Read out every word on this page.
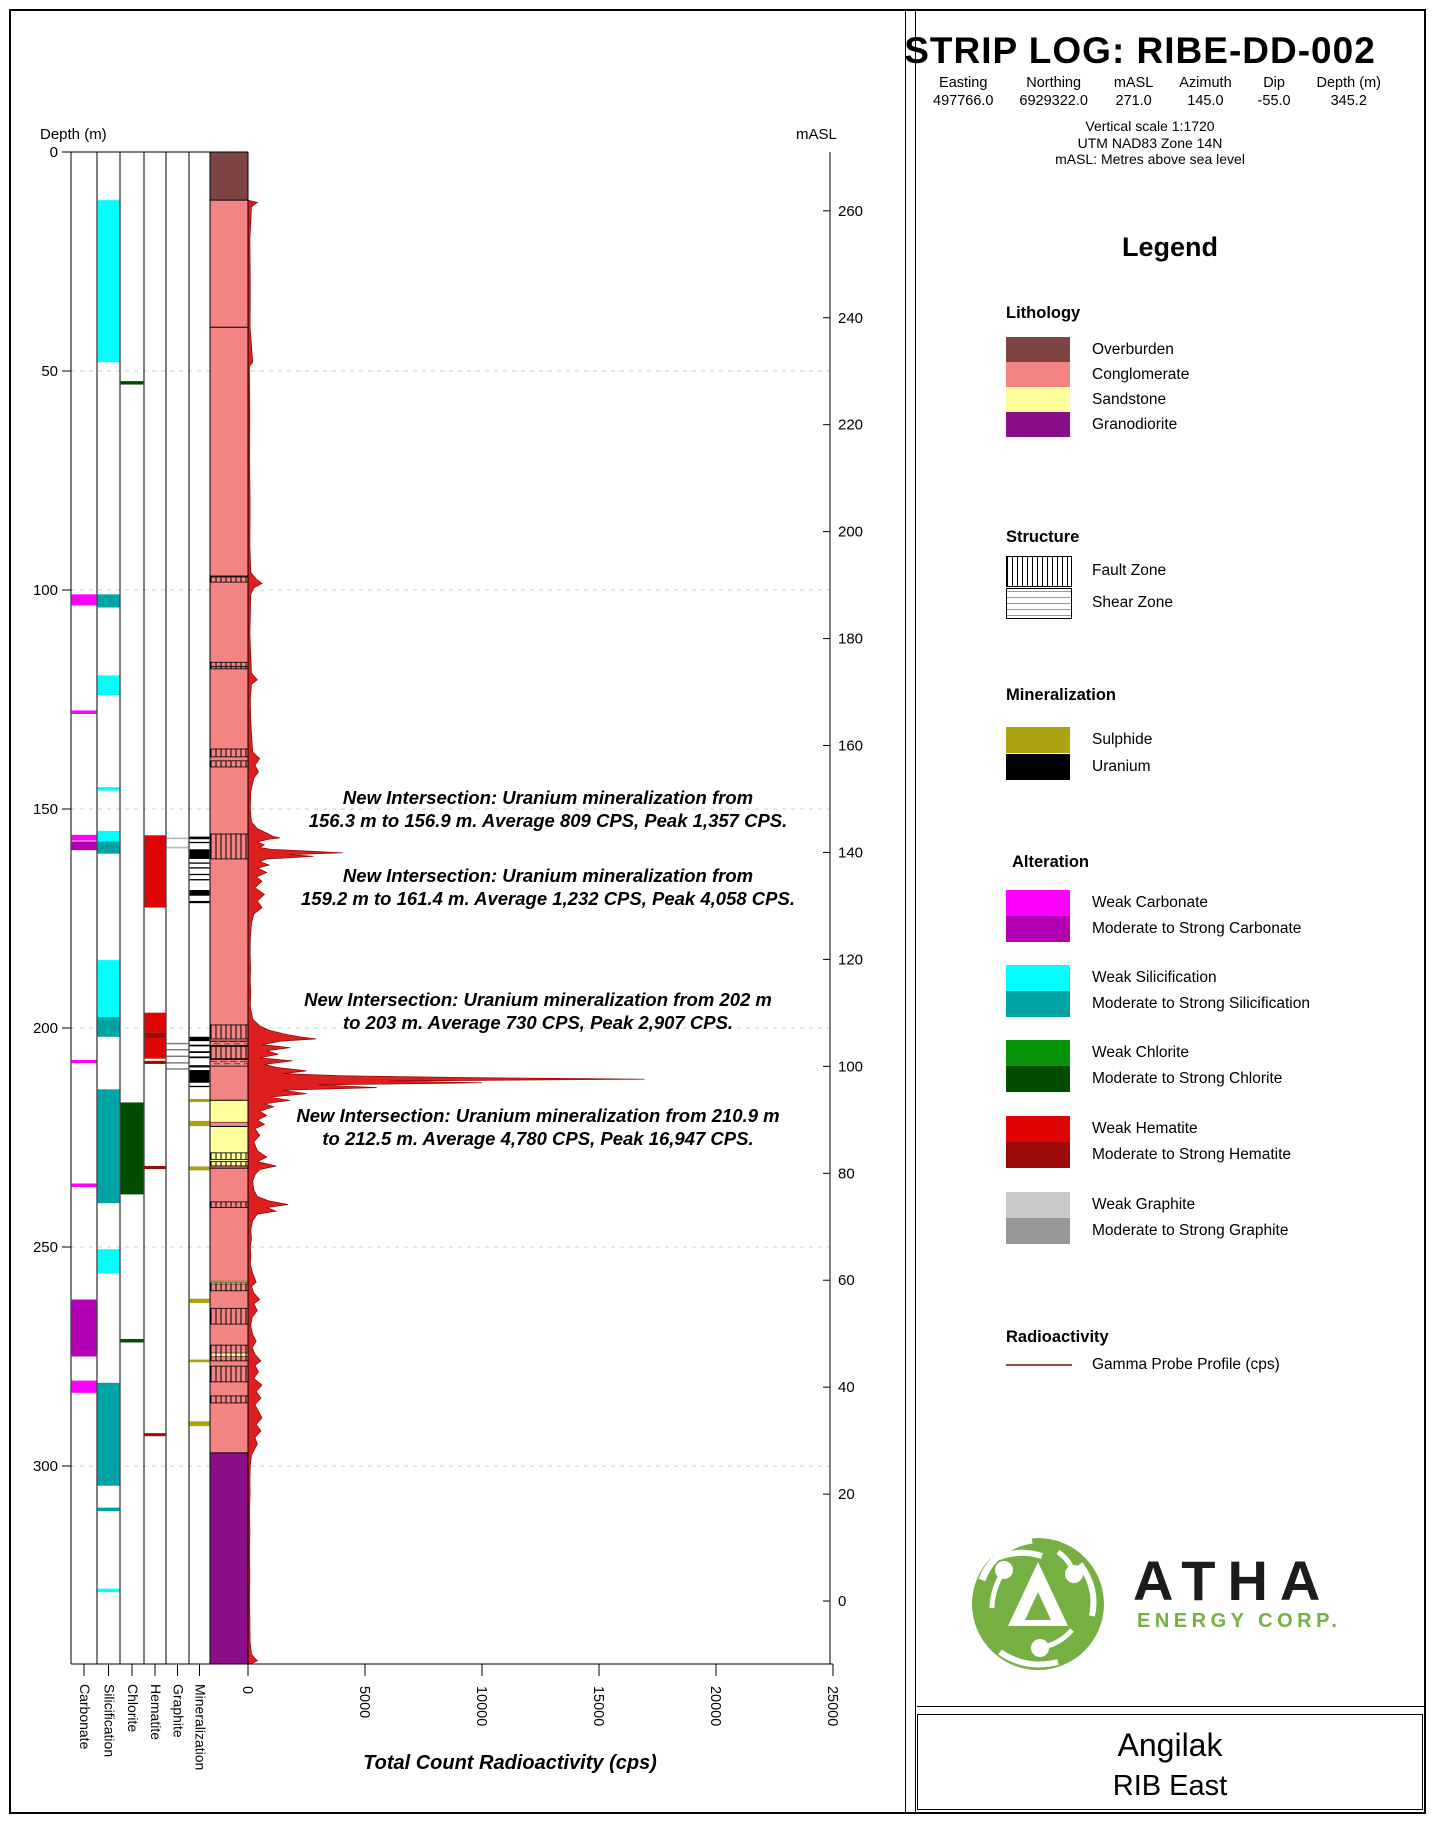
Depth (m)	mASL
0
50
100
150
200
250
300
260
240
220
200
180
160
140
120
100
80
60
40
20
0
0	5000	10000	15000	20000	25000
Carbonate Silicification Chlorite Hematite Graphite Mineralization
New Intersection: Uranium mineralization from
156.3 m to 156.9 m. Average 809 CPS, Peak 1,357 CPS.
New Intersection: Uranium mineralization from
159.2 m to 161.4 m. Average 1,232 CPS, Peak 4,058 CPS.
New Intersection: Uranium mineralization from 202 m
to 203 m. Average 730 CPS, Peak 2,907 CPS.
New Intersection: Uranium mineralization from 210.9 m
to 212.5 m. Average 4,780 CPS, Peak 16,947 CPS.
Total Count Radioactivity (cps)
STRIP LOG: RIBE-DD-002
Easting
497766.0
Northing
6929322.0
mASL
271.0
Azimuth
145.0
Dip
-55.0
Depth (m)
345.2
Vertical scale 1:1720
UTM NAD83 Zone 14N
mASL: Metres above sea level
Legend
Lithology
Overburden
Conglomerate
Sandstone
Granodiorite
Structure
Fault Zone
Shear Zone
Mineralization
Sulphide
Uranium
Alteration
Weak Carbonate
Moderate to Strong Carbonate
Weak Silicification
Moderate to Strong Silicification
Weak Chlorite
Moderate to Strong Chlorite
Weak Hematite
Moderate to Strong Hematite
Weak Graphite
Moderate to Strong Graphite
Radioactivity
Gamma Probe Profile (cps)
ATHA
ENERGY CORP.
Angilak
RIB East
